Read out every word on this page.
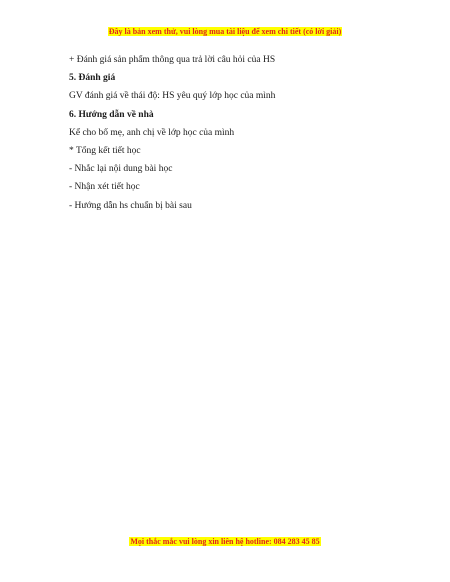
Đây là bản xem thử, vui lòng mua tài liệu để xem chi tiết (có lời giải)
+ Đánh giá sản phẩm thông qua trả lời câu hỏi của HS
5. Đánh giá
GV đánh giá về thái độ: HS yêu quý lớp học của mình
6. Hướng dẫn về nhà
Kể cho bố mẹ, anh chị về lớp học của mình
* Tổng kết tiết học
- Nhắc lại nội dung bài học
- Nhận xét tiết học
- Hướng dẫn hs chuẩn bị bài sau
Mọi thắc mắc vui lòng xin liên hệ hotline: 084 283 45 85
